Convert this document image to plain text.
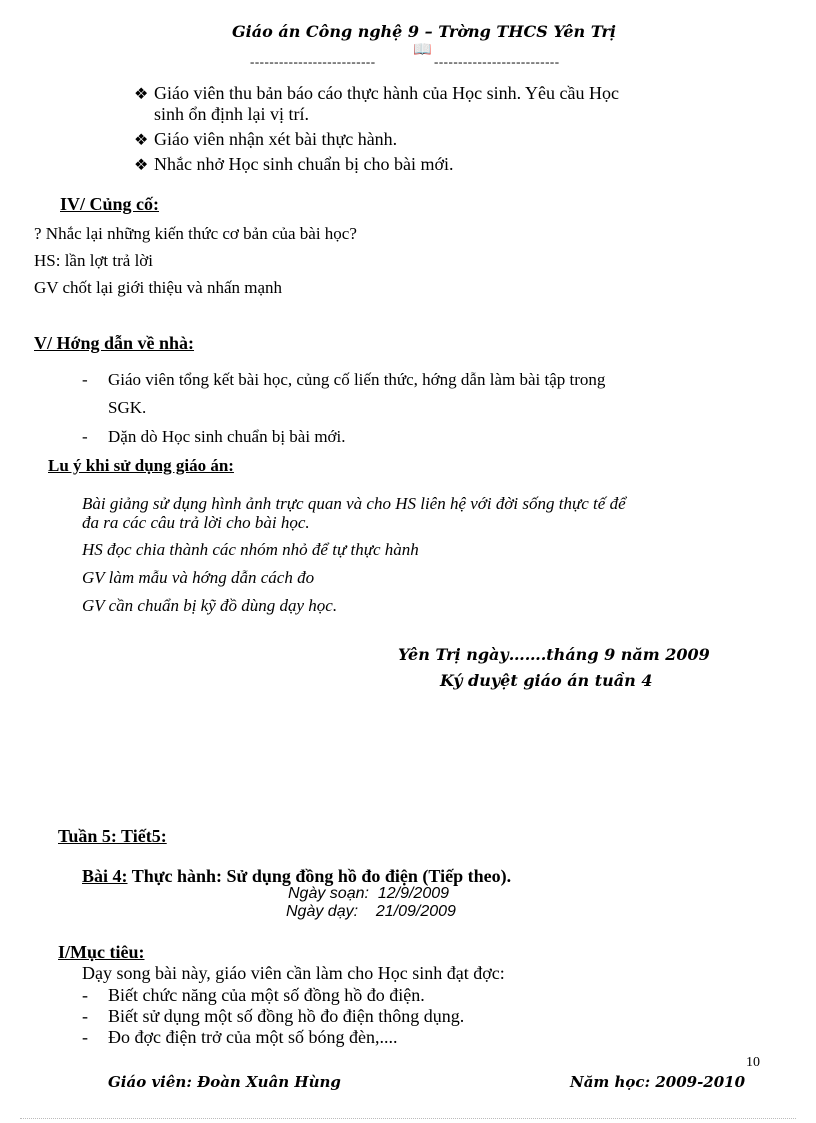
Giáo án Công nghệ 9 – Trờng THCS Yên Trị
📖
--------------------------	--------------------------
❖ Giáo viên thu bản báo cáo thực hành của Học sinh. Yêu cầu Học
sinh ổn định lại vị trí.
❖ Giáo viên nhận xét bài thực hành.
❖ Nhắc nhở Học sinh chuẩn bị cho bài mới.
IV/ Củng cố:
? Nhắc lại những kiến thức cơ bản của bài học?
HS: lần lợt trả lời
GV chốt lại giới thiệu và nhấn mạnh
V/ Hớng dẫn về nhà:
- Giáo viên tổng kết bài học, củng cố liến thức, hớng dẫn làm bài tập trong
SGK.
- Dặn dò Học sinh chuẩn bị bài mới.
Lu ý khi sử dụng giáo án:
Bài giảng sử dụng hình ảnh trực quan và cho HS liên hệ với đời sống thực tế để
đa ra các câu trả lời cho bài học.
HS đọc chia thành các nhóm nhỏ để tự thực hành
GV làm mẫu và hớng dẫn cách đo
GV cần chuẩn bị kỹ đồ dùng dạy học.
Yên Trị ngày…….tháng 9 năm 2009
Ký duyệt giáo án tuần 4
Tuần 5: Tiết5:
Bài 4: Thực hành: Sử dụng đồng hồ đo điện (Tiếp theo).
Ngày soạn: 12/9/2009
Ngày dạy: 21/09/2009
I/Mục tiêu:
Dạy song bài này, giáo viên cần làm cho Học sinh đạt đợc:
- Biết chức năng của một số đồng hồ đo điện.
- Biết sử dụng một số đồng hồ đo điện thông dụng.
- Đo đợc điện trở của một số bóng đèn,....
10
Giáo viên: Đoàn Xuân Hùng	Năm học: 2009-2010
